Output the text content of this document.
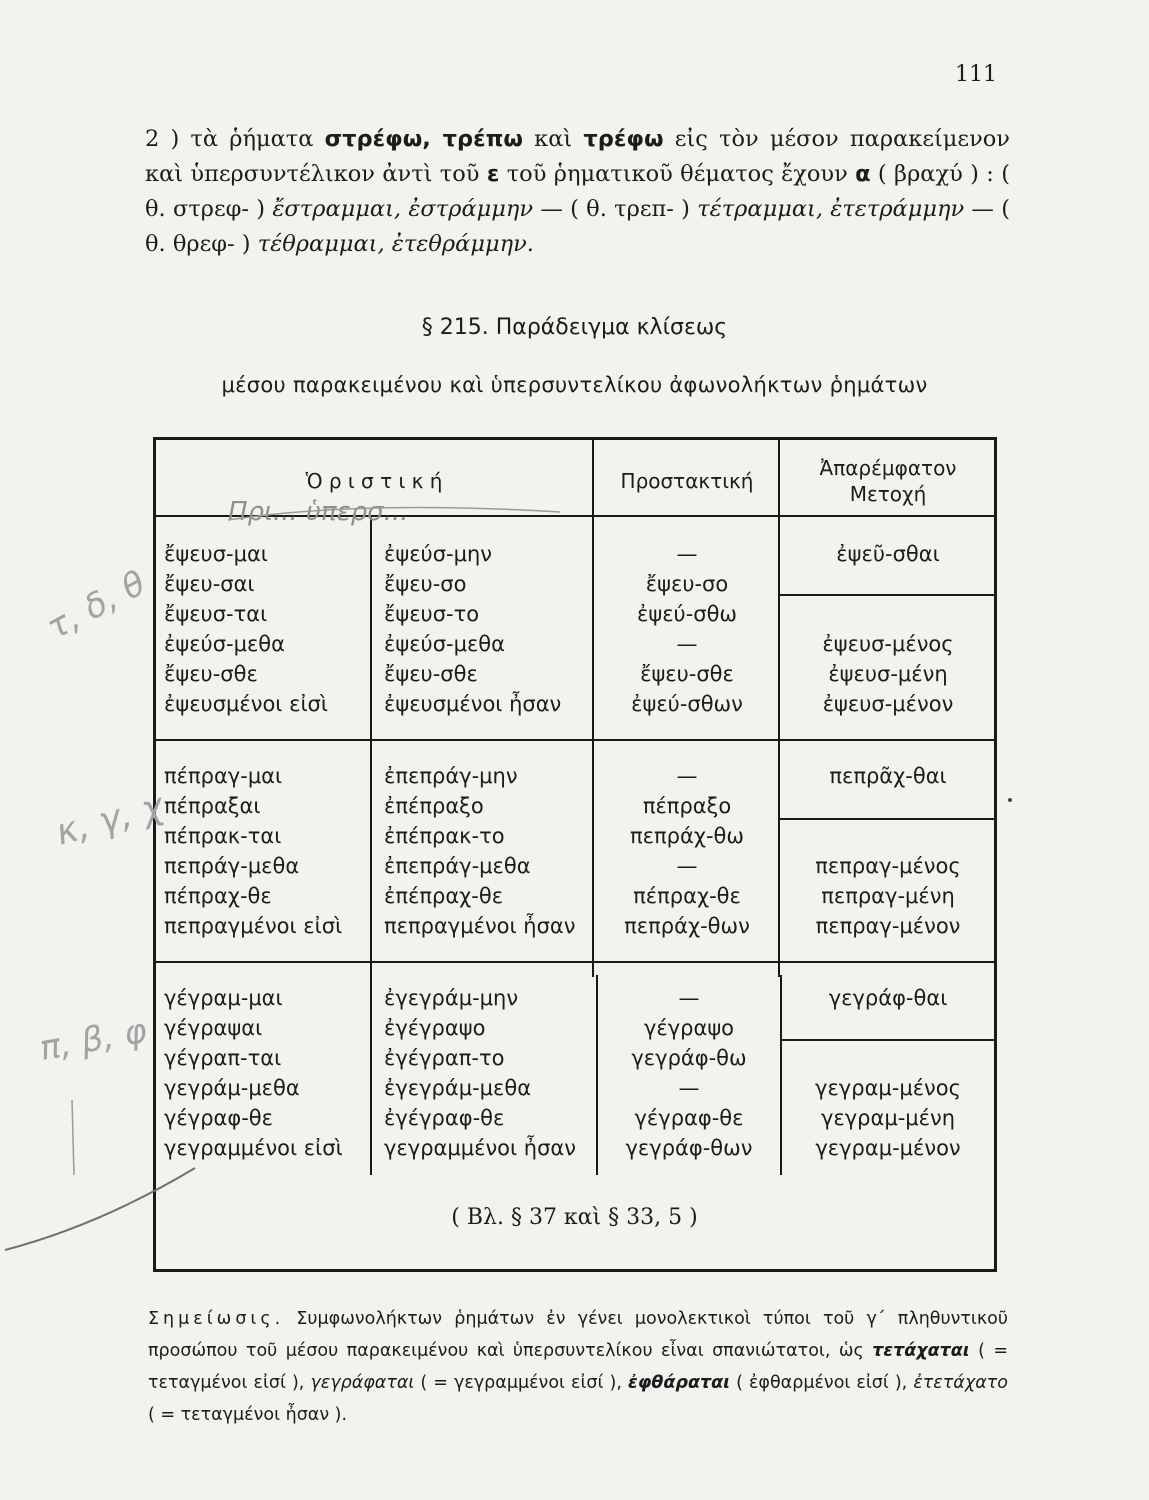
111
2 ) τὰ ῥήματα στρέφω, τρέπω καὶ τρέφω εἰς τὸν μέσον παρακείμενον καὶ ὑπερσυντέλικον ἀντὶ τοῦ ε τοῦ ῥηματικοῦ θέματος ἔχουν α ( βραχύ ) : ( θ. στρεφ- ) ἔστραμμαι, ἐστράμμην — ( θ. τρεπ- ) τέτραμμαι, ἐτετράμμην — ( θ. θρεφ- ) τέθραμμαι, ἐτεθράμμην.
§ 215. Παράδειγμα κλίσεως
μέσου παρακειμένου καὶ ὑπερσυντελίκου ἀφωνολήκτων ῥημάτων
Ὁ ρ ι σ τ ι κ ή	Προστακτική
Ἀπαρέμφατον
Μετοχή
ἔψευσ-μαι
ἔψευ-σαι
ἔψευσ-ται
ἐψεύσ-μεθα
ἔψευ-σθε
ἐψευσμένοι εἰσὶ
ἐψεύσ-μην
ἔψευ-σο
ἔψευσ-το
ἐψεύσ-μεθα
ἔψευ-σθε
ἐψευσμένοι ἦσαν
—
ἔψευ-σο
ἐψεύ-σθω
—
ἔψευ-σθε
ἐψεύ-σθων
ἐψεῦ-σθαι
ἐψευσ-μένος
ἐψευσ-μένη
ἐψευσ-μένον
πέπραγ-μαι
πέπραξαι
πέπρακ-ται
πεπράγ-μεθα
πέπραχ-θε
πεπραγμένοι εἰσὶ
ἐπεπράγ-μην
ἐπέπραξο
ἐπέπρακ-το
ἐπεπράγ-μεθα
ἐπέπραχ-θε
πεπραγμένοι ἦσαν
—
πέπραξο
πεπράχ-θω
—
πέπραχ-θε
πεπράχ-θων
πεπρᾶχ-θαι
πεπραγ-μένος
πεπραγ-μένη
πεπραγ-μένον
γέγραμ-μαι
γέγραψαι
γέγραπ-ται
γεγράμ-μεθα
γέγραφ-θε
γεγραμμένοι εἰσὶ
ἐγεγράμ-μην
ἐγέγραψο
ἐγέγραπ-το
ἐγεγράμ-μεθα
ἐγέγραφ-θε
γεγραμμένοι ἦσαν
—
γέγραψο
γεγράφ-θω
—
γέγραφ-θε
γεγράφ-θων
γεγράφ-θαι
γεγραμ-μένος
γεγραμ-μένη
γεγραμ-μένον
( Βλ. § 37 καὶ § 33, 5 )
Σημείωσις. Συμφωνολήκτων ῥημάτων ἐν γένει μονολεκτικοὶ τύποι τοῦ γ΄ πληθυντικοῦ προσώπου τοῦ μέσου παρακειμένου καὶ ὑπερσυντελίκου εἶναι σπανιώτατοι, ὡς τετάχαται ( = τεταγμένοι εἰσί ), γεγράφαται ( = γεγραμμένοι εἰσί ), ἐφθάραται ( ἐφθαρμένοι εἰσί ), ἐτετάχατο ( = τεταγμένοι ἦσαν ).
Πρι... ὑπερσ...
τ, δ, θ
κ, γ, χ
π, β, φ
